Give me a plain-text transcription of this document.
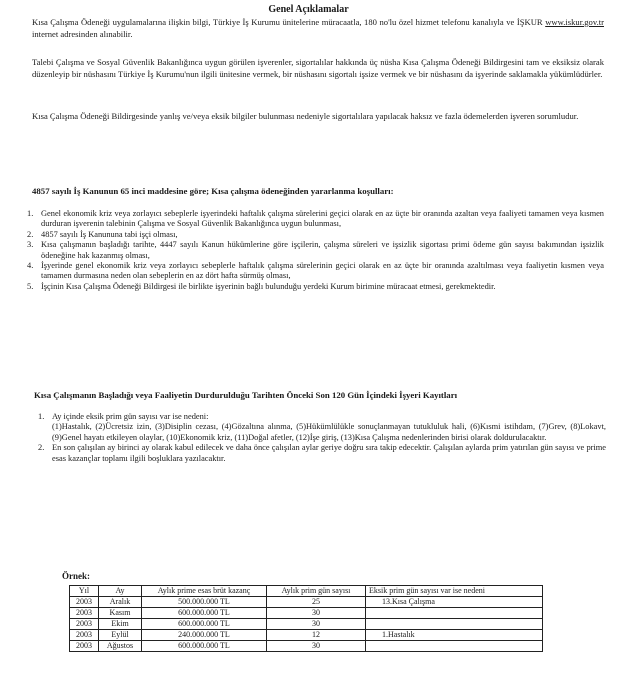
Genel Açıklamalar
Kısa Çalışma Ödeneği uygulamalarına ilişkin bilgi, Türkiye İş Kurumu ünitelerine müracaatla, 180 no'lu özel hizmet telefonu kanalıyla ve İŞKUR www.iskur.gov.tr internet adresinden alınabilir.
Talebi Çalışma ve Sosyal Güvenlik Bakanlığınca uygun görülen işverenler, sigortalılar hakkında üç nüsha Kısa Çalışma Ödeneği Bildirgesini tam ve eksiksiz olarak düzenleyip bir nüshasını Türkiye İş Kurumu'nun ilgili ünitesine vermek, bir nüshasını sigortalı işsize vermek ve bir nüshasını da işyerinde saklamakla yükümlüdürler.
Kısa Çalışma Ödeneği Bildirgesinde yanlış ve/veya eksik bilgiler bulunması nedeniyle sigortalılara yapılacak haksız ve fazla ödemelerden işveren sorumludur.
4857 sayılı İş Kanunun 65 inci maddesine göre; Kısa çalışma ödeneğinden yararlanma koşulları:
1. Genel ekonomik kriz veya zorlayıcı sebeplerle işyerindeki haftalık çalışma sürelerini geçici olarak en az üçte bir oranında azaltan veya faaliyeti tamamen veya kısmen durduran işverenin talebinin Çalışma ve Sosyal Güvenlik Bakanlığınca uygun bulunması,
2. 4857 sayılı İş Kanununa tabi işçi olması,
3. Kısa çalışmanın başladığı tarihte, 4447 sayılı Kanun hükümlerine göre işçilerin, çalışma süreleri ve işsizlik sigortası primi ödeme gün sayısı bakımından işsizlik ödeneğine hak kazanmış olması,
4. İşyerinde genel ekonomik kriz veya zorlayıcı sebeplerle haftalık çalışma sürelerinin geçici olarak en az üçte bir oranında azaltılması veya faaliyetin kısmen veya tamamen durmasına neden olan sebeplerin en az dört hafta sürmüş olması,
5. İşçinin Kısa Çalışma Ödeneği Bildirgesi ile birlikte işyerinin bağlı bulunduğu yerdeki Kurum birimine müracaat etmesi, gerekmektedir.
Kısa Çalışmanın Başladığı veya Faaliyetin Durdurulduğu Tarihten Önceki Son 120 Gün İçindeki İşyeri Kayıtları
1. Ay içinde eksik prim gün sayısı var ise nedeni:
(1)Hastalık, (2)Ücretsiz izin, (3)Disiplin cezası, (4)Gözaltına alınma, (5)Hükümlülükle sonuçlanmayan tutukluluk hali, (6)Kısmi istihdam, (7)Grev, (8)Lokavt, (9)Genel hayatı etkileyen olaylar, (10)Ekonomik kriz, (11)Doğal afetler, (12)İşe giriş, (13)Kısa Çalışma nedenlerinden birisi olarak doldurulacaktır.
2. En son çalışılan ay birinci ay olarak kabul edilecek ve daha önce çalışılan aylar geriye doğru sıra takip edecektir. Çalışılan aylarda prim yatırılan gün sayısı ve prime esas kazançlar toplamı ilgili boşluklara yazılacaktır.
Örnek:
Yıl	Ay	Aylık prime esas brüt kazanç	Aylık prim gün sayısı	Eksik prim gün sayısı var ise nedeni
2003	Aralık	500.000.000 TL	25	13.Kısa Çalışma
2003	Kasım	600.000.000 TL	30	
2003	Ekim	600.000.000 TL	30	
2003	Eylül	240.000.000 TL	12	1.Hastalık
2003	Ağustos	600.000.000 TL	30	
